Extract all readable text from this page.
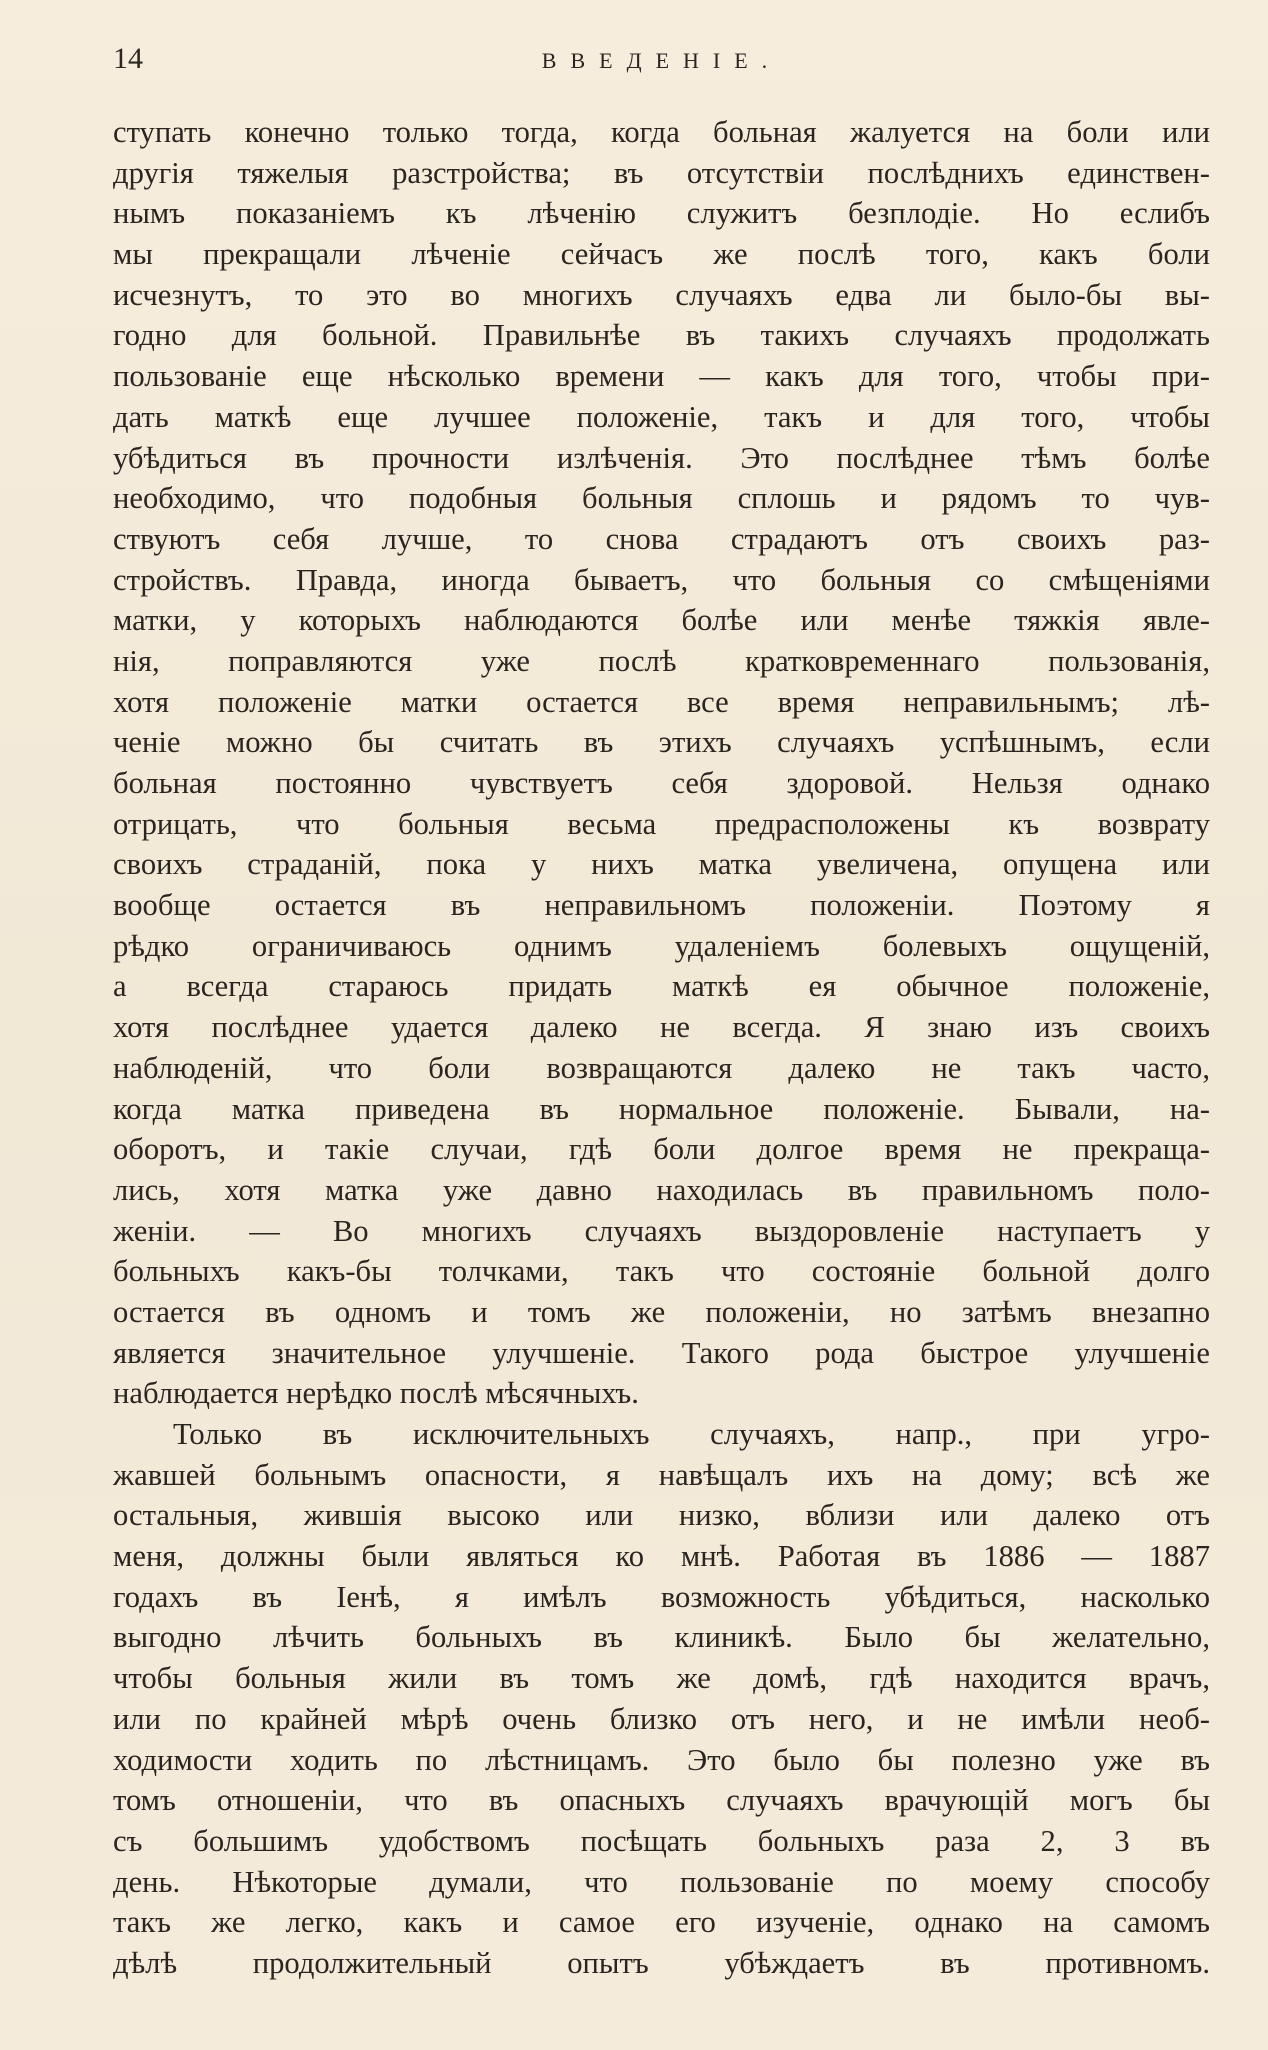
14	ВВЕДЕНІЕ.
ступать конечно только тогда, когда больная жалуется на боли или
другія тяжелыя разстройства; въ отсутствіи послѣднихъ единствен-
нымъ показаніемъ къ лѣченію служитъ безплодіе. Но еслибъ
мы прекращали лѣченіе сейчасъ же послѣ того, какъ боли
исчезнутъ, то это во многихъ случаяхъ едва ли было-бы вы-
годно для больной. Правильнѣе въ такихъ случаяхъ продолжать
пользованіе еще нѣсколько времени — какъ для того, чтобы при-
дать маткѣ еще лучшее положеніе, такъ и для того, чтобы
убѣдиться въ прочности излѣченія. Это послѣднее тѣмъ болѣе
необходимо, что подобныя больныя сплошь и рядомъ то чув-
ствуютъ себя лучше, то снова страдаютъ отъ своихъ раз-
стройствъ. Правда, иногда бываетъ, что больныя со смѣщеніями
матки, у которыхъ наблюдаются болѣе или менѣе тяжкія явле-
нія, поправляются уже послѣ кратковременнаго пользованія,
хотя положеніе матки остается все время неправильнымъ; лѣ-
ченіе можно бы считать въ этихъ случаяхъ успѣшнымъ, если
больная постоянно чувствуетъ себя здоровой. Нельзя однако
отрицать, что больныя весьма предрасположены къ возврату
своихъ страданій, пока у нихъ матка увеличена, опущена или
вообще остается въ неправильномъ положеніи. Поэтому я
рѣдко ограничиваюсь однимъ удаленіемъ болевыхъ ощущеній,
а всегда стараюсь придать маткѣ ея обычное положеніе,
хотя послѣднее удается далеко не всегда. Я знаю изъ своихъ
наблюденій, что боли возвращаются далеко не такъ часто,
когда матка приведена въ нормальное положеніе. Бывали, на-
оборотъ, и такіе случаи, гдѣ боли долгое время не прекраща-
лись, хотя матка уже давно находилась въ правильномъ поло-
женіи. — Во многихъ случаяхъ выздоровленіе наступаетъ у
больныхъ какъ-бы толчками, такъ что состояніе больной долго
остается въ одномъ и томъ же положеніи, но затѣмъ внезапно
является значительное улучшеніе. Такого рода быстрое улучшеніе
наблюдается нерѣдко послѣ мѣсячныхъ.
Только въ исключительныхъ случаяхъ, напр., при угро-
жавшей больнымъ опасности, я навѣщалъ ихъ на дому; всѣ же
остальныя, жившія высоко или низко, вблизи или далеко отъ
меня, должны были являться ко мнѣ. Работая въ 1886 — 1887
годахъ въ Іенѣ, я имѣлъ возможность убѣдиться, насколько
выгодно лѣчить больныхъ въ клиникѣ. Было бы желательно,
чтобы больныя жили въ томъ же домѣ, гдѣ находится врачъ,
или по крайней мѣрѣ очень близко отъ него, и не имѣли необ-
ходимости ходить по лѣстницамъ. Это было бы полезно уже въ
томъ отношеніи, что въ опасныхъ случаяхъ врачующій могъ бы
съ большимъ удобствомъ посѣщать больныхъ раза 2, 3 въ
день. Нѣкоторые думали, что пользованіе по моему способу
такъ же легко, какъ и самое его изученіе, однако на самомъ
дѣлѣ продолжительный опытъ убѣждаетъ въ противномъ.
